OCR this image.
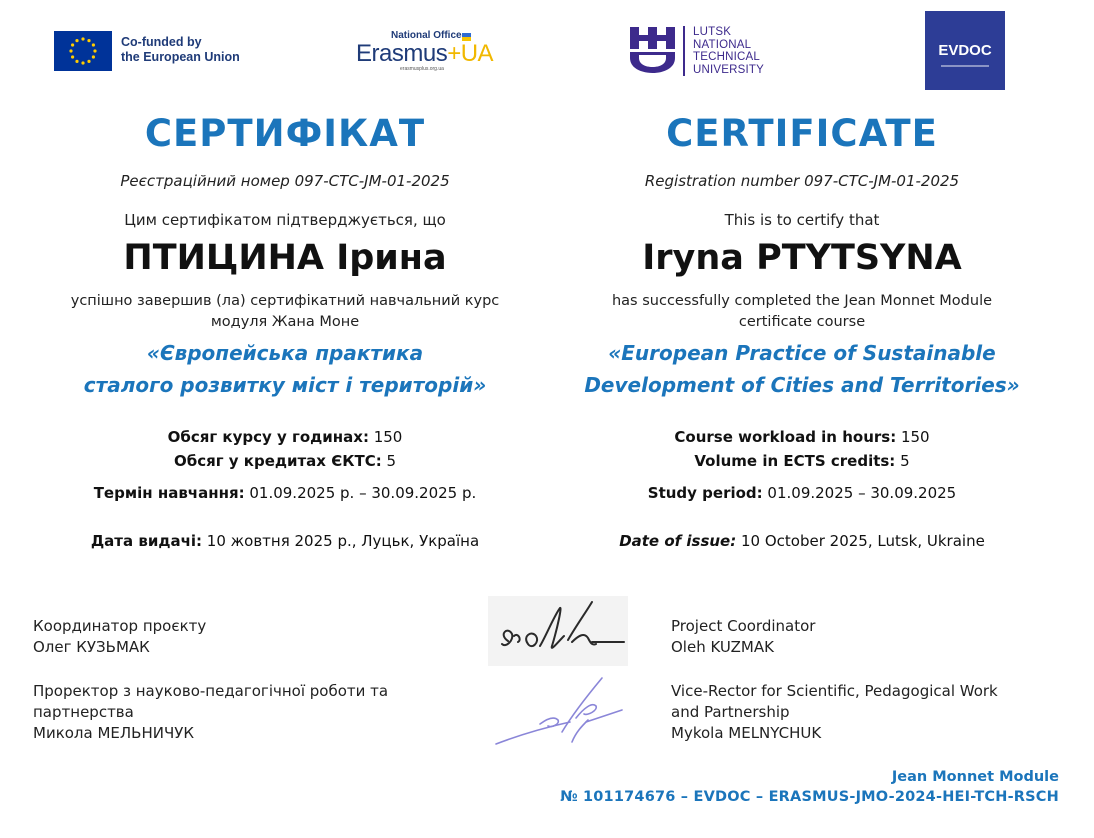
Co-funded by
the European Union
National Office
Erasmus+UA
erasmusplus.org.ua
LUTSK
NATIONAL
TECHNICAL
UNIVERSITY
EVDOC
СЕРТИФІКАТ	CERTIFICATE
Реєстраційний номер 097-CTC-JM-01-2025	Registration number 097-CTC-JM-01-2025
Цим сертифікатом підтверджується, що	This is to certify that
ПТИЦИНА Ірина	Iryna PTYTSYNA
успішно завершив (ла) сертифікатний навчальний курс
модуля Жана Моне
has successfully completed the Jean Monnet Module
certificate course
«Європейська практика
сталого розвитку міст і територій»
«European Practice of Sustainable
Development of Cities and Territories»
Обсяг курсу у годинах: 150
Обсяг у кредитах ЄКТС: 5
Course workload in hours: 150
Volume in ECTS credits: 5
Термін навчання: 01.09.2025 р. – 30.09.2025 р.	Study period: 01.09.2025 – 30.09.2025
Дата видачі: 10 жовтня 2025 р., Луцьк, Україна	Date of issue: 10 October 2025, Lutsk, Ukraine
Координатор проєкту
Олег КУЗЬМАК
Проректор з науково-педагогічної роботи та
партнерства
Микола МЕЛЬНИЧУК
Project Coordinator
Oleh KUZMAK
Vice-Rector for Scientific, Pedagogical Work
and Partnership
Mykola MELNYCHUK
Jean Monnet Module
№ 101174676 – EVDOC – ERASMUS-JMO-2024-HEI-TCH-RSCH
